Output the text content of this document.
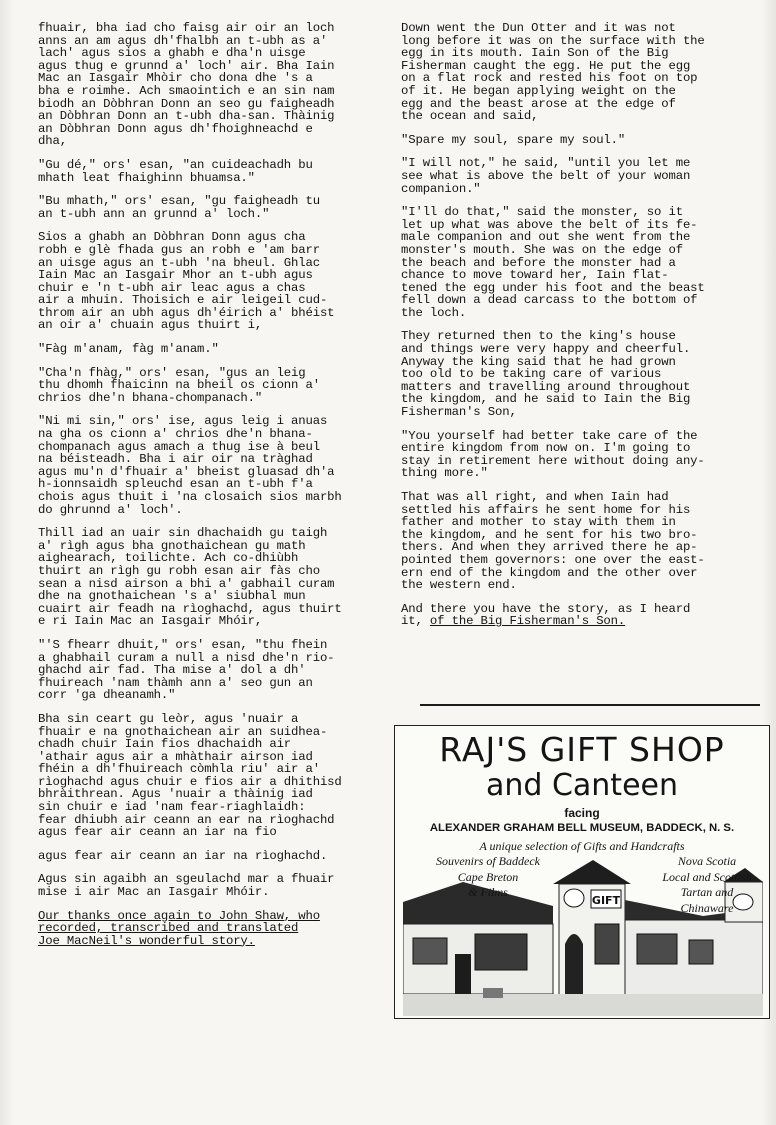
fhuair, bha iad cho faisg air oir an loch
anns an am agus dh'fhalbh an t-ubh as a'
lach' agus sios a ghabh e dha'n uisge
agus thug e grunnd a' loch' air. Bha Iain
Mac an Iasgair Mhòir cho dona dhe 's a
bha e roimhe. Ach smaointich e an sin nam
biodh an Dòbhran Donn an seo gu faigheadh
an Dòbhran Donn an t-ubh dha-san. Thàinig
an Dòbhran Donn agus dh'fhoighneachd e
dha,

"Gu dé," ors' esan, "an cuideachadh bu
mhath leat fhaighinn bhuamsa."

"Bu mhath," ors' esan, "gu faigheadh tu
an t-ubh ann an grunnd a' loch."

Sios a ghabh an Dòbhran Donn agus cha
robh e glè fhada gus an robh e 'am barr
an uisge agus an t-ubh 'na bheul. Ghlac
Iain Mac an Iasgair Mhor an t-ubh agus
chuir e 'n t-ubh air leac agus a chas
air a mhuin. Thoisich e air leigeil cud-
throm air an ubh agus dh'éirich a' bhéist
an oir a' chuain agus thuirt i,

"Fàg m'anam, fàg m'anam."

"Cha'n fhàg," ors' esan, "gus an leig
thu dhomh fhaicinn na bheil os cionn a'
chrios dhe'n bhana-chompanach."

"Ni mi sin," ors' ise, agus leig i anuas
na gha os cionn a' chrios dhe'n bhana-
chompanach agus amach a thug ise à beul
na béisteadh. Bha i air oir na tràghad
agus mu'n d'fhuair a' bheist gluasad dh'a
h-ionnsaidh spleuchd esan an t-ubh f'a
chois agus thuit i 'na closaich sios marbh
do ghrunnd a' loch'.

Thill iad an uair sin dhachaidh gu taigh
a' rìgh agus bha gnothaichean gu math
aighearach, toilichte. Ach co-dhiùbh
thuirt an rìgh gu robh esan air fàs cho
sean a nisd airson a bhi a' gabhail curam
dhe na gnothaichean 's a' siubhal mun
cuairt air feadh na rìoghachd, agus thuirt
e ri Iain Mac an Iasgair Mhóir,

"'S fhearr dhuit," ors' esan, "thu fhein
a ghabhail curam a null a nisd dhe'n rio-
ghachd air fad. Tha mise a' dol a dh'
fhuireach 'nam thàmh ann a' seo gun an
corr 'ga dheanamh."

Bha sin ceart gu leòr, agus 'nuair a
fhuair e na gnothaichean air an suidhea-
chadh chuir Iain fios dhachaidh air
'athair agus air a mhàthair airson iad
fhéin a dh'fhuireach còmhla riu' air a'
rìoghachd agus chuir e fios air a dhithisd
bhràithrean. Agus 'nuair a thàinig iad
sin chuir e iad 'nam fear-riaghlaidh:
fear dhiubh air ceann an ear na rìoghachd
agus fear air ceann an iar na fio

agus fear air ceann an iar na rìoghachd.

Agus sin agaibh an sgeulachd mar a fhuair
mise i air Mac an Iasgair Mhóir.

Our thanks once again to John Shaw, who
recorded, transcribed and translated
Joe MacNeil's wonderful story.

Down went the Dun Otter and it was not
long before it was on the surface with the
egg in its mouth. Iain Son of the Big
Fisherman caught the egg. He put the egg
on a flat rock and rested his foot on top
of it. He began applying weight on the
egg and the beast arose at the edge of
the ocean and said,

"Spare my soul, spare my soul."

"I will not," he said, "until you let me
see what is above the belt of your woman
companion."

"I'll do that," said the monster, so it
let up what was above the belt of its fe-
male companion and out she went from the
monster's mouth. She was on the edge of
the beach and before the monster had a
chance to move toward her, Iain flat-
tened the egg under his foot and the beast
fell down a dead carcass to the bottom of
the loch.

They returned then to the king's house
and things were very happy and cheerful.
Anyway the king said that he had grown
too old to be taking care of various
matters and travelling around throughout
the kingdom, and he said to Iain the Big
Fisherman's Son,

"You yourself had better take care of the
entire kingdom from now on. I'm going to
stay in retirement here without doing any-
thing more."

That was all right, and when Iain had
settled his affairs he sent home for his
father and mother to stay with them in
the kingdom, and he sent for his two bro-
thers. And when they arrived there he ap-
pointed them governors: one over the east-
ern end of the kingdom and the other over
the western end.

And there you have the story, as I heard
it, of the Big Fisherman's Son.

RAJ'S GIFT SHOP
and Canteen
facing
ALEXANDER GRAHAM BELL MUSEUM, BADDECK, N. S.
A unique selection of Gifts and Handcrafts
GIFT
Souvenirs of Baddeck
Cape Breton
& Films
Nova Scotia
Local and Scottish
Tartan and
Chinaware
